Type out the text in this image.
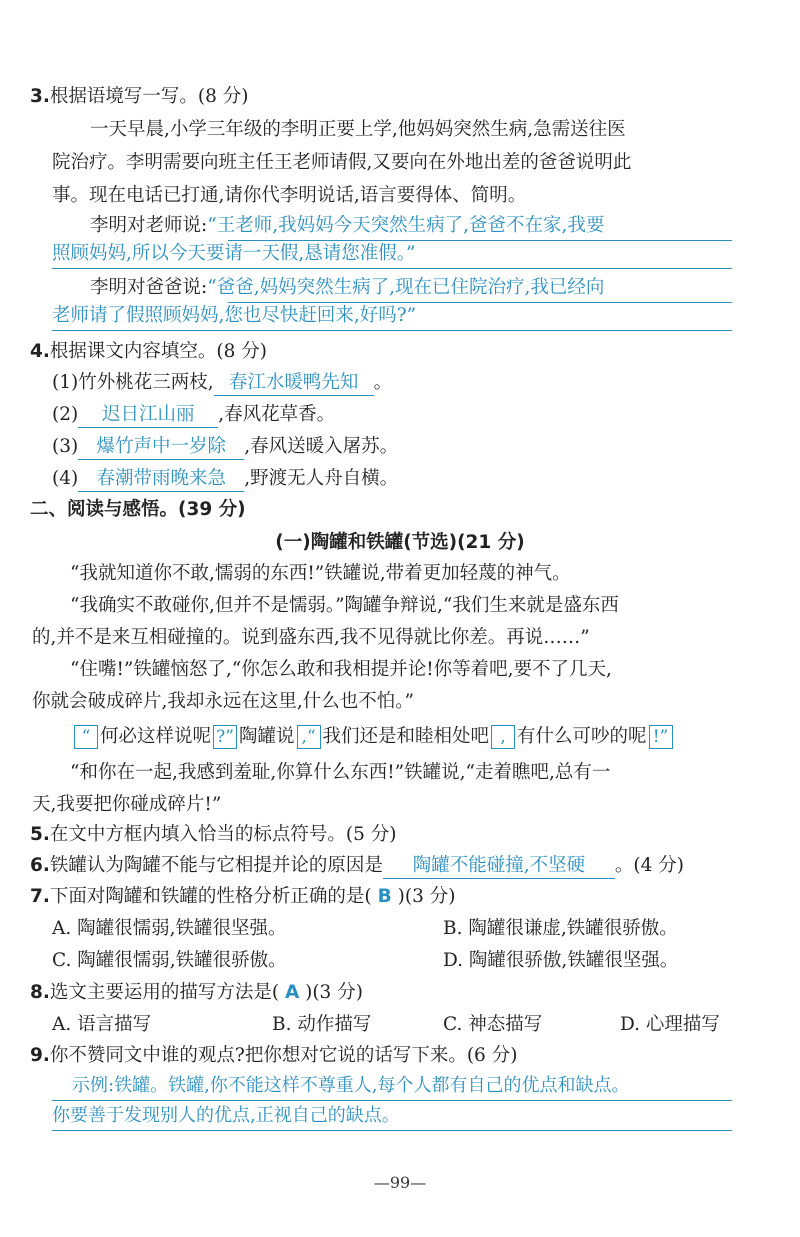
3.根据语境写一写。(8 分)
一天早晨,小学三年级的李明正要上学,他妈妈突然生病,急需送往医
院治疗。李明需要向班主任王老师请假,又要向在外地出差的爸爸说明此
事。现在电话已打通,请你代李明说话,语言要得体、简明。
李明对老师说:“王老师,我妈妈今天突然生病了,爸爸不在家,我要
照顾妈妈,所以今天要请一天假,恳请您准假。”
李明对爸爸说:“爸爸,妈妈突然生病了,现在已住院治疗,我已经向
老师请了假照顾妈妈,您也尽快赶回来,好吗?”
4.根据课文内容填空。(8 分)
(1)竹外桃花三两枝, 春江水暖鸭先知 。
(2) 迟日江山丽 ,春风花草香。
(3) 爆竹声中一岁除 ,春风送暖入屠苏。
(4) 春潮带雨晚来急 ,野渡无人舟自横。
二、阅读与感悟。(39 分)
(一)陶罐和铁罐(节选)(21 分)
“我就知道你不敢,懦弱的东西!”铁罐说,带着更加轻蔑的神气。
“我确实不敢碰你,但并不是懦弱。”陶罐争辩说,“我们生来就是盛东西
的,并不是来互相碰撞的。说到盛东西,我不见得就比你差。再说……”
“住嘴!”铁罐恼怒了,“你怎么敢和我相提并论!你等着吧,要不了几天,
你就会破成碎片,我却永远在这里,什么也不怕。”
“ 何必这样说呢 ?” 陶罐说 ,“ 我们还是和睦相处吧 , 有什么可吵的呢 !”
“和你在一起,我感到羞耻,你算什么东西!”铁罐说,“走着瞧吧,总有一
天,我要把你碰成碎片!”
5.在文中方框内填入恰当的标点符号。(5 分)
6.铁罐认为陶罐不能与它相提并论的原因是 陶罐不能碰撞,不坚硬 。(4 分)
7.下面对陶罐和铁罐的性格分析正确的是( B )(3 分)
A. 陶罐很懦弱,铁罐很坚强。	B. 陶罐很谦虚,铁罐很骄傲。
C. 陶罐很懦弱,铁罐很骄傲。	D. 陶罐很骄傲,铁罐很坚强。
8.选文主要运用的描写方法是( A )(3 分)
A. 语言描写	B. 动作描写	C. 神态描写	D. 心理描写
9.你不赞同文中谁的观点?把你想对它说的话写下来。(6 分)
示例:铁罐。铁罐,你不能这样不尊重人,每个人都有自己的优点和缺点。
你要善于发现别人的优点,正视自己的缺点。
—99—
